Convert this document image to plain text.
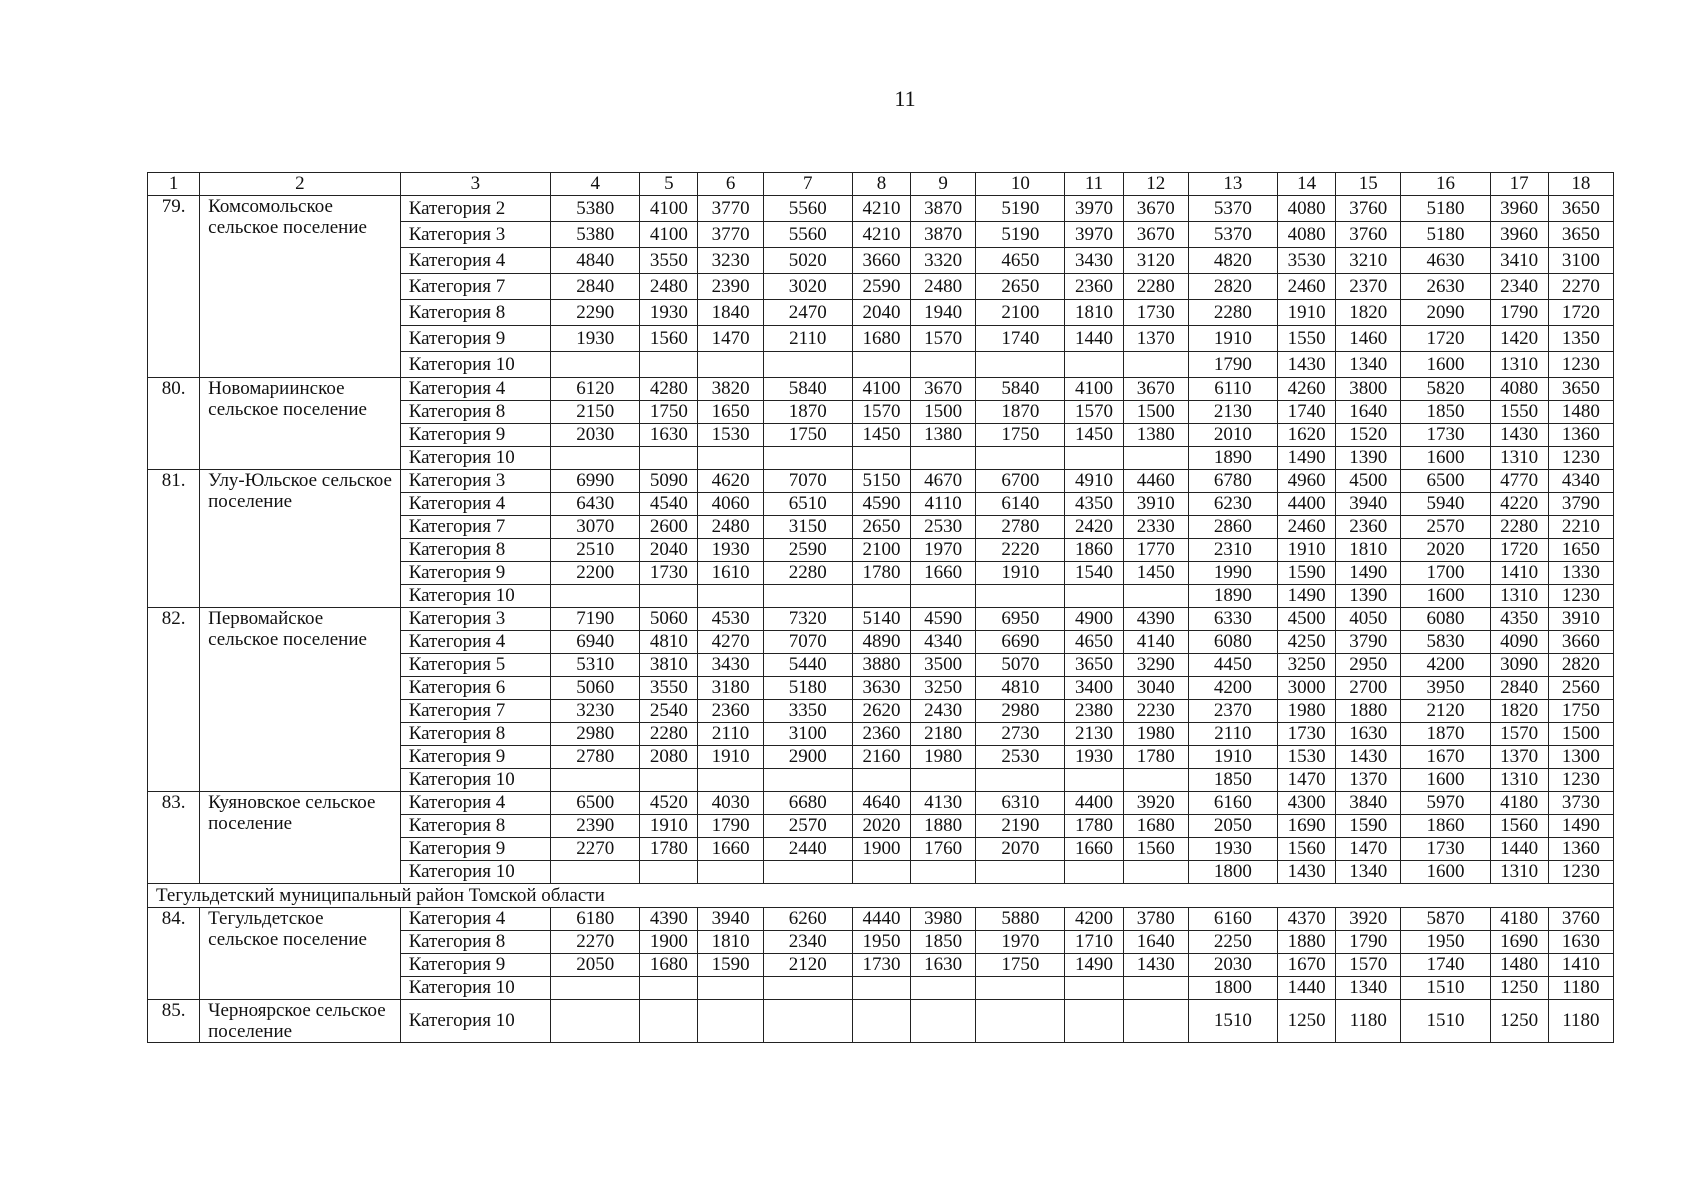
11
1	2	3	4	5	6	7	8	9	10	11	12	13	14	15	16	17	18
79.	Комсомольское сельское поселение	Категория 2	5380	4100	3770	5560	4210	3870	5190	3970	3670	5370	4080	3760	5180	3960	3650
		Категория 3	5380	4100	3770	5560	4210	3870	5190	3970	3670	5370	4080	3760	5180	3960	3650
		Категория 4	4840	3550	3230	5020	3660	3320	4650	3430	3120	4820	3530	3210	4630	3410	3100
		Категория 7	2840	2480	2390	3020	2590	2480	2650	2360	2280	2820	2460	2370	2630	2340	2270
		Категория 8	2290	1930	1840	2470	2040	1940	2100	1810	1730	2280	1910	1820	2090	1790	1720
		Категория 9	1930	1560	1470	2110	1680	1570	1740	1440	1370	1910	1550	1460	1720	1420	1350
		Категория 10										1790	1430	1340	1600	1310	1230
80.	Новомариинское сельское поселение	Категория 4	6120	4280	3820	5840	4100	3670	5840	4100	3670	6110	4260	3800	5820	4080	3650
		Категория 8	2150	1750	1650	1870	1570	1500	1870	1570	1500	2130	1740	1640	1850	1550	1480
		Категория 9	2030	1630	1530	1750	1450	1380	1750	1450	1380	2010	1620	1520	1730	1430	1360
		Категория 10										1890	1490	1390	1600	1310	1230
81.	Улу-Юльское сельское поселение	Категория 3	6990	5090	4620	7070	5150	4670	6700	4910	4460	6780	4960	4500	6500	4770	4340
		Категория 4	6430	4540	4060	6510	4590	4110	6140	4350	3910	6230	4400	3940	5940	4220	3790
		Категория 7	3070	2600	2480	3150	2650	2530	2780	2420	2330	2860	2460	2360	2570	2280	2210
		Категория 8	2510	2040	1930	2590	2100	1970	2220	1860	1770	2310	1910	1810	2020	1720	1650
		Категория 9	2200	1730	1610	2280	1780	1660	1910	1540	1450	1990	1590	1490	1700	1410	1330
		Категория 10										1890	1490	1390	1600	1310	1230
82.	Первомайское сельское поселение	Категория 3	7190	5060	4530	7320	5140	4590	6950	4900	4390	6330	4500	4050	6080	4350	3910
		Категория 4	6940	4810	4270	7070	4890	4340	6690	4650	4140	6080	4250	3790	5830	4090	3660
		Категория 5	5310	3810	3430	5440	3880	3500	5070	3650	3290	4450	3250	2950	4200	3090	2820
		Категория 6	5060	3550	3180	5180	3630	3250	4810	3400	3040	4200	3000	2700	3950	2840	2560
		Категория 7	3230	2540	2360	3350	2620	2430	2980	2380	2230	2370	1980	1880	2120	1820	1750
		Категория 8	2980	2280	2110	3100	2360	2180	2730	2130	1980	2110	1730	1630	1870	1570	1500
		Категория 9	2780	2080	1910	2900	2160	1980	2530	1930	1780	1910	1530	1430	1670	1370	1300
		Категория 10										1850	1470	1370	1600	1310	1230
83.	Куяновское сельское поселение	Категория 4	6500	4520	4030	6680	4640	4130	6310	4400	3920	6160	4300	3840	5970	4180	3730
		Категория 8	2390	1910	1790	2570	2020	1880	2190	1780	1680	2050	1690	1590	1860	1560	1490
		Категория 9	2270	1780	1660	2440	1900	1760	2070	1660	1560	1930	1560	1470	1730	1440	1360
		Категория 10										1800	1430	1340	1600	1310	1230
Тегульдетский муниципальный район Томской области																	
84.	Тегульдетское сельское поселение	Категория 4	6180	4390	3940	6260	4440	3980	5880	4200	3780	6160	4370	3920	5870	4180	3760
		Категория 8	2270	1900	1810	2340	1950	1850	1970	1710	1640	2250	1880	1790	1950	1690	1630
		Категория 9	2050	1680	1590	2120	1730	1630	1750	1490	1430	2030	1670	1570	1740	1480	1410
		Категория 10										1800	1440	1340	1510	1250	1180
85.	Черноярское сельское поселение	Категория 10										1510	1250	1180	1510	1250	1180
